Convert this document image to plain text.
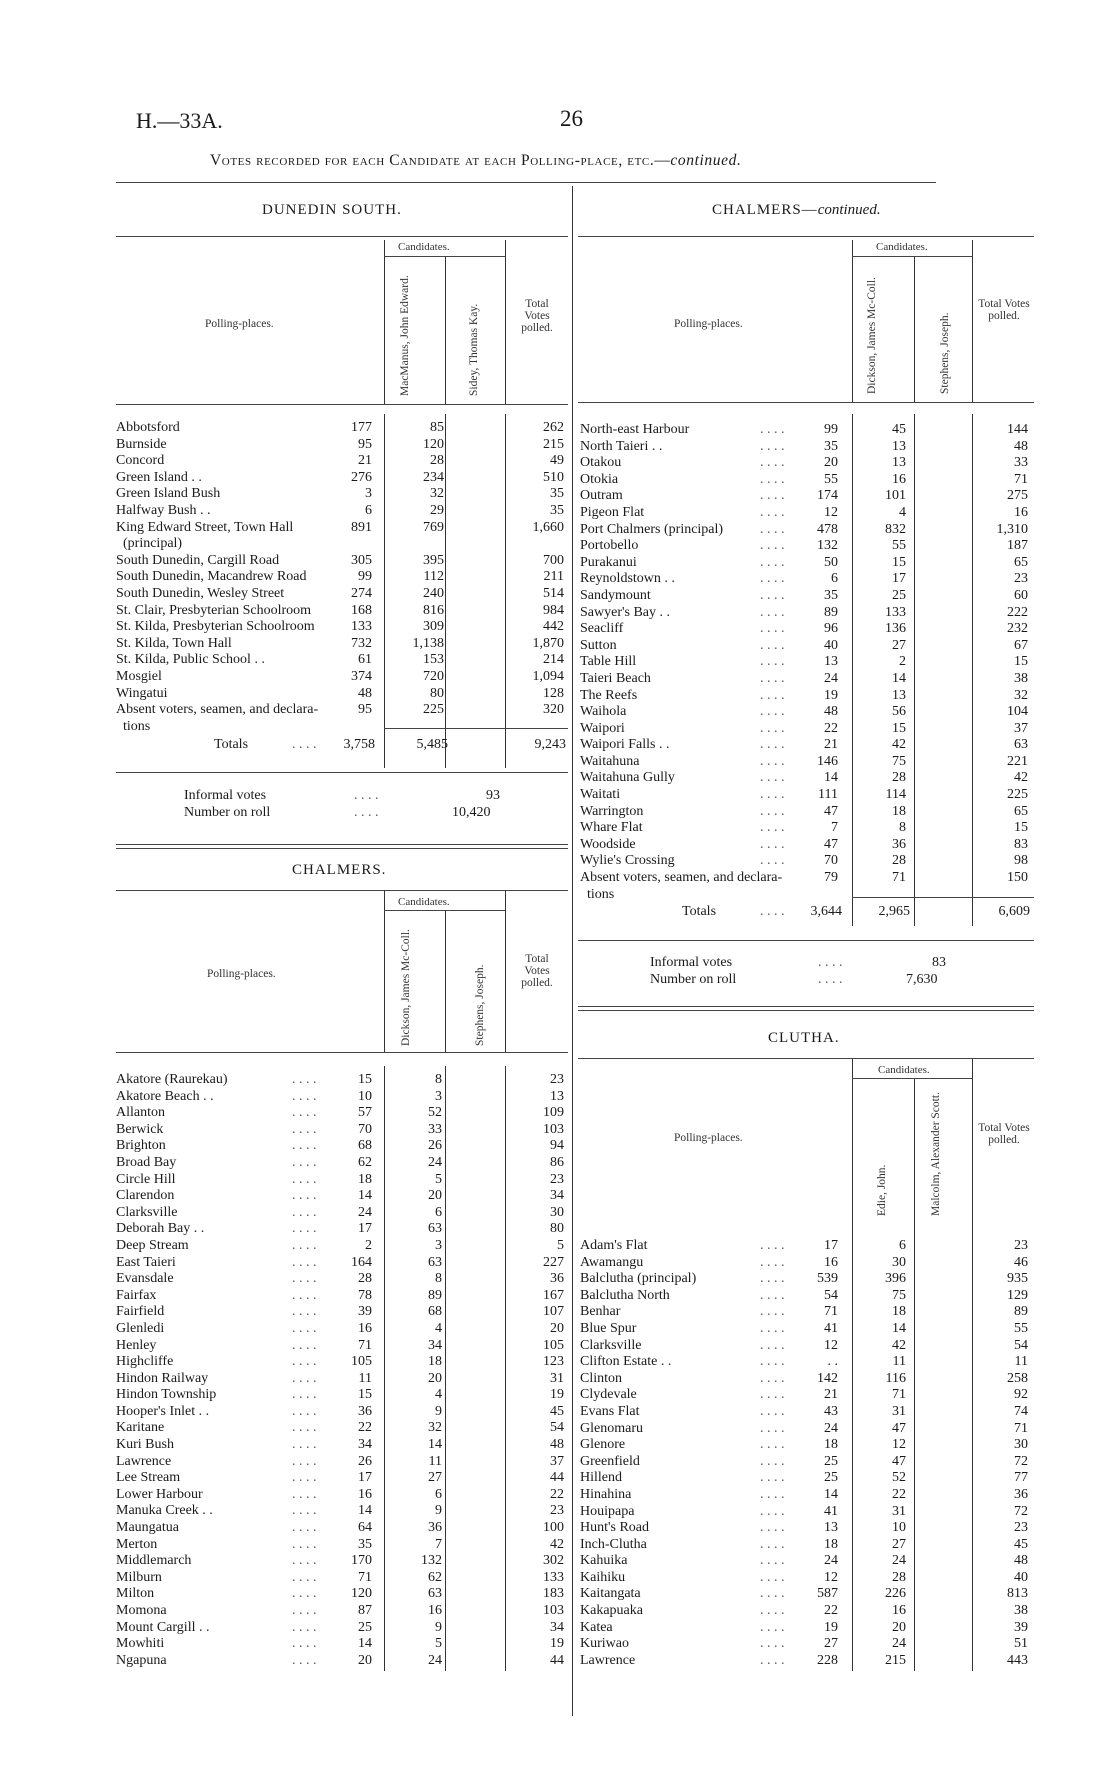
H.—33A.	26
Votes recorded for each Candidate at each Polling-place, etc.—continued.
DUNEDIN SOUTH.
Candidates.
Polling-places.	MacManus, John Edward.	Sidey, Thomas Kay.	Total Votes polled.
Abbotsford	177	85	262
Burnside	95	120	215
Concord	21	28	49
Green Island . .	276	234	510
Green Island Bush	3	32	35
Halfway Bush . .	6	29	35
King Edward Street, Town Hall	891	769	1,660
(principal)
South Dunedin, Cargill Road	305	395	700
South Dunedin, Macandrew Road	99	112	211
South Dunedin, Wesley Street	274	240	514
St. Clair, Presbyterian Schoolroom	168	816	984
St. Kilda, Presbyterian Schoolroom	133	309	442
St. Kilda, Town Hall	732	1,138	1,870
St. Kilda, Public School . .	61	153	214
Mosgiel	374	720	1,094
Wingatui	48	80	128
Absent voters, seamen, and declara-	95	225	320
tions
Totals	. . . . 3,758	5,485	9,243
Informal votes	. . . .	93
Number on roll	. . . .	10,420
CHALMERS.
Candidates.
Polling-places.	Dickson, James Mc-Coll.	Stephens, Joseph.
Total Votes polled.
Akatore (Raurekau)	. . . .	15	8	23
Akatore Beach . .	. . . .	10	3	13
Allanton	. . . .	57	52	109
Berwick	. . . .	70	33	103
Brighton	. . . .	68	26	94
Broad Bay	. . . .	62	24	86
Circle Hill	. . . .	18	5	23
Clarendon	. . . .	14	20	34
Clarksville	. . . .	24	6	30
Deborah Bay . .	. . . .	17	63	80
Deep Stream	. . . .	2	3	5
East Taieri	. . . . 164	63	227
Evansdale	. . . .	28	8	36
Fairfax	. . . .	78	89	167
Fairfield	. . . .	39	68	107
Glenledi	. . . .	16	4	20
Henley	. . . .	71	34	105
Highcliffe	. . . . 105	18	123
Hindon Railway	. . . .	11	20	31
Hindon Township	. . . .	15	4	19
Hooper's Inlet . .	. . . .	36	9	45
Karitane	. . . .	22	32	54
Kuri Bush	. . . .	34	14	48
Lawrence	. . . .	26	11	37
Lee Stream	. . . .	17	27	44
Lower Harbour	. . . .	16	6	22
Manuka Creek . .	. . . .	14	9	23
Maungatua	. . . .	64	36	100
Merton	. . . .	35	7	42
Middlemarch	. . . . 170	132	302
Milburn	. . . .	71	62	133
Milton	. . . . 120	63	183
Momona	. . . .	87	16	103
Mount Cargill . .	. . . .	25	9	34
Mowhiti	. . . .	14	5	19
Ngapuna	. . . .	20	24	44
CHALMERS—continued.
Candidates.
Polling-places.	Dickson, James Mc-Coll.	Stephens, Joseph.
Total Votes polled.
North-east Harbour	. . . .	99	45	144
North Taieri . .	. . . .	35	13	48
Otakou	. . . .	20	13	33
Otokia	. . . .	55	16	71
Outram	. . . . 174	101	275
Pigeon Flat	. . . .	12	4	16
Port Chalmers (principal)	. . . . 478	832	1,310
Portobello	. . . . 132	55	187
Purakanui	. . . .	50	15	65
Reynoldstown . .	. . . .	6	17	23
Sandymount	. . . .	35	25	60
Sawyer's Bay . .	. . . .	89	133	222
Seacliff	. . . .	96	136	232
Sutton	. . . .	40	27	67
Table Hill	. . . .	13	2	15
Taieri Beach	. . . .	24	14	38
The Reefs	. . . .	19	13	32
Waihola	. . . .	48	56	104
Waipori	. . . .	22	15	37
Waipori Falls . .	. . . .	21	42	63
Waitahuna	. . . . 146	75	221
Waitahuna Gully	. . . .	14	28	42
Waitati	. . . . 111	114	225
Warrington	. . . .	47	18	65
Whare Flat	. . . .	7	8	15
Woodside	. . . .	47	36	83
Wylie's Crossing	. . . .	70	28	98
Absent voters, seamen, and declara-	79	71	150
tions
Totals	. . . . 3,644	2,965	6,609
Informal votes	. . . .	83
Number on roll	. . . .	7,630
CLUTHA.
Candidates.
Polling-places.
Edie, John.	Malcolm, Alexander Scott.	Total Votes polled.
Adam's Flat	. . . .	17	6	23
Awamangu	. . . .	16	30	46
Balclutha (principal)	. . . . 539	396	935
Balclutha North	. . . .	54	75	129
Benhar	. . . .	71	18	89
Blue Spur	. . . .	41	14	55
Clarksville	. . . .	12	42	54
Clifton Estate . .	. . . .	. .	11	11
Clinton	. . . . 142	116	258
Clydevale	. . . .	21	71	92
Evans Flat	. . . .	43	31	74
Glenomaru	. . . .	24	47	71
Glenore	. . . .	18	12	30
Greenfield	. . . .	25	47	72
Hillend	. . . .	25	52	77
Hinahina	. . . .	14	22	36
Houipapa	. . . .	41	31	72
Hunt's Road	. . . .	13	10	23
Inch-Clutha	. . . .	18	27	45
Kahuika	. . . .	24	24	48
Kaihiku	. . . .	12	28	40
Kaitangata	. . . . 587	226	813
Kakapuaka	. . . .	22	16	38
Katea	. . . .	19	20	39
Kuriwao	. . . .	27	24	51
Lawrence	. . . . 228	215	443
